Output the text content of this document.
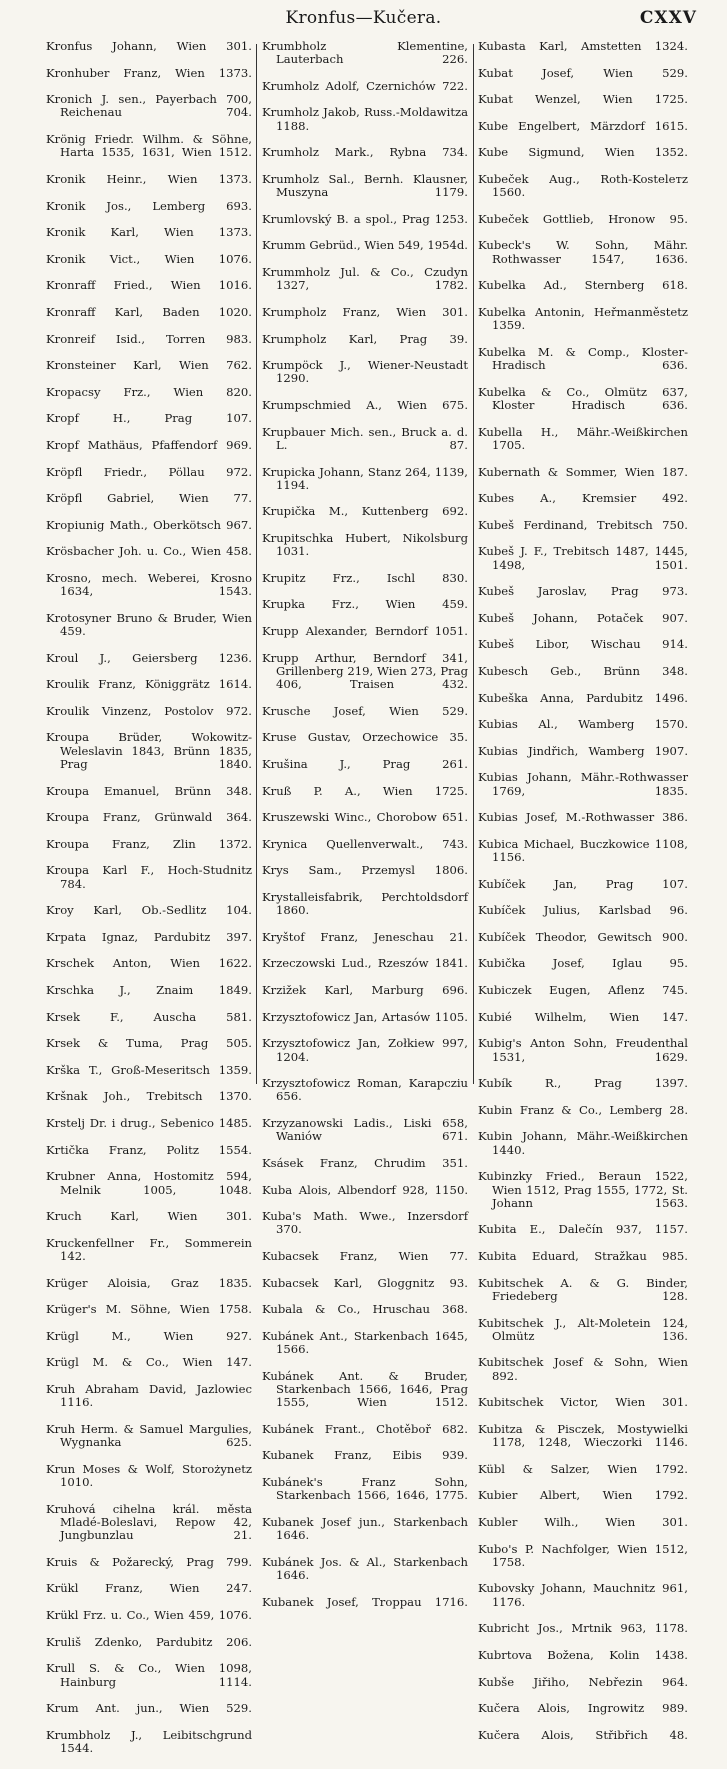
Kronfus—Kučera.	CXXV
Kronfus Johann, Wien 301.
Kronhuber Franz, Wien 1373.
Kronich J. sen., Payerbach 700, Reichenau 704.
Krönig Friedr. Wilhm. & Söhne, Harta 1535, 1631, Wien 1512.
Kronik Heinr., Wien 1373.
Kronik Jos., Lemberg 693.
Kronik Karl, Wien 1373.
Kronik Vict., Wien 1076.
Kronraff Fried., Wien 1016.
Kronraff Karl, Baden 1020.
Kronreif Isid., Torren 983.
Kronsteiner Karl, Wien 762.
Kropacsy Frz., Wien 820.
Kropf H., Prag 107.
Kropf Mathäus, Pfaffendorf 969.
Kröpfl Friedr., Pöllau 972.
Kröpfl Gabriel, Wien 77.
Kropiunig Math., Oberkötsch 967.
Krösbacher Joh. u. Co., Wien 458.
Krosno, mech. Weberei, Krosno 1634, 1543.
Krotosyner Bruno & Bruder, Wien 459.
Kroul J., Geiersberg 1236.
Kroulik Franz, Königgrätz 1614.
Kroulik Vinzenz, Postolov 972.
Kroupa Brüder, Wokowitz-Weleslavin 1843, Brünn 1835, Prag 1840.
Kroupa Emanuel, Brünn 348.
Kroupa Franz, Grünwald 364.
Kroupa Franz, Zlin 1372.
Kroupa Karl F., Hoch-Studnitz 784.
Kroy Karl, Ob.-Sedlitz 104.
Krpata Ignaz, Pardubitz 397.
Krschek Anton, Wien 1622.
Krschka J., Znaim 1849.
Krsek F., Auscha 581.
Krsek & Tuma, Prag 505.
Krška T., Groß-Meseritsch 1359.
Kršnak Joh., Trebitsch 1370.
Krstelj Dr. i drug., Sebenico 1485.
Krtička Franz, Politz 1554.
Krubner Anna, Hostomitz 594, Melnik 1005, 1048.
Kruch Karl, Wien 301.
Kruckenfellner Fr., Sommerein 142.
Krüger Aloisia, Graz 1835.
Krüger's M. Söhne, Wien 1758.
Krügl M., Wien 927.
Krügl M. & Co., Wien 147.
Kruh Abraham David, Jazlowiec 1116.
Kruh Herm. & Samuel Margulies, Wygnanka 625.
Krun Moses & Wolf, Storożynetz 1010.
Kruhová cihelna král. města Mladé-Boleslavi, Repow 42, Jungbunzlau 21.
Kruis & Požarecký, Prag 799.
Krükl Franz, Wien 247.
Krükl Frz. u. Co., Wien 459, 1076.
Kruliš Zdenko, Pardubitz 206.
Krull S. & Co., Wien 1098, Hainburg 1114.
Krum Ant. jun., Wien 529.
Krumbholz J., Leibitschgrund 1544.
Krumbholz Klementine, Lauterbach 226.
Krumholz Adolf, Czernichów 722.
Krumholz Jakob, Russ.-Moldawitza 1188.
Krumholz Mark., Rybna 734.
Krumholz Sal., Bernh. Klausner, Muszyna 1179.
Krumlovský B. a spol., Prag 1253.
Krumm Gebrüd., Wien 549, 1954d.
Krummholz Jul. & Co., Czudyn 1327, 1782.
Krumpholz Franz, Wien 301.
Krumpholz Karl, Prag 39.
Krumpöck J., Wiener-Neustadt 1290.
Krumpschmied A., Wien 675.
Krupbauer Mich. sen., Bruck a. d. L. 87.
Krupicka Johann, Stanz 264, 1139, 1194.
Krupička M., Kuttenberg 692.
Krupitschka Hubert, Nikolsburg 1031.
Krupitz Frz., Ischl 830.
Krupka Frz., Wien 459.
Krupp Alexander, Berndorf 1051.
Krupp Arthur, Berndorf 341, Grillenberg 219, Wien 273, Prag 406, Traisen 432.
Krusche Josef, Wien 529.
Kruse Gustav, Orzechowice 35.
Krušina J., Prag 261.
Kruß P. A., Wien 1725.
Kruszewski Winc., Chorobow 651.
Krynica Quellenverwalt., 743.
Krys Sam., Przemysl 1806.
Krystalleisfabrik, Perchtoldsdorf 1860.
Kryštof Franz, Jeneschau 21.
Krzeczowski Lud., Rzeszów 1841.
Krzižek Karl, Marburg 696.
Krzysztofowicz Jan, Artasów 1105.
Krzysztofowicz Jan, Zołkiew 997, 1204.
Krzysztofowicz Roman, Karapcziu 656.
Krzyzanowski Ladis., Liski 658, Waniów 671.
Ksásek Franz, Chrudim 351.
Kuba Alois, Albendorf 928, 1150.
Kuba's Math. Wwe., Inzersdorf 370.
Kubacsek Franz, Wien 77.
Kubacsek Karl, Gloggnitz 93.
Kubala & Co., Hruschau 368.
Kubánek Ant., Starkenbach 1645, 1566.
Kubánek Ant. & Bruder, Starkenbach 1566, 1646, Prag 1555, Wien 1512.
Kubánek Frant., Chotěboř 682.
Kubanek Franz, Eibis 939.
Kubánek's Franz Sohn, Starkenbach 1566, 1646, 1775.
Kubanek Josef jun., Starkenbach 1646.
Kubánek Jos. & Al., Starkenbach 1646.
Kubanek Josef, Troppau 1716.
Kubasta Karl, Amstetten 1324.
Kubat Josef, Wien 529.
Kubat Wenzel, Wien 1725.
Kube Engelbert, Märzdorf 1615.
Kube Sigmund, Wien 1352.
Kubeček Aug., Roth-Kostelетz 1560.
Kubeček Gottlieb, Hronow 95.
Kubeck's W. Sohn, Mähr. Rothwasser 1547, 1636.
Kubelka Ad., Sternberg 618.
Kubelka Antonin, Heřmanměstetz 1359.
Kubelka M. & Comp., Kloster-Hradisch 636.
Kubelka & Co., Olmütz 637, Kloster Hradisch 636.
Kubella H., Mähr.-Weißkirchen 1705.
Kubernath & Sommer, Wien 187.
Kubes A., Kremsier 492.
Kubeš Ferdinand, Trebitsch 750.
Kubeš J. F., Trebitsch 1487, 1445, 1498, 1501.
Kubeš Jaroslav, Prag 973.
Kubeš Johann, Potaček 907.
Kubeš Libor, Wischau 914.
Kubesch Geb., Brünn 348.
Kubeška Anna, Pardubitz 1496.
Kubias Al., Wamberg 1570.
Kubias Jindřich, Wamberg 1907.
Kubias Johann, Mähr.-Rothwasser 1769, 1835.
Kubias Josef, M.-Rothwasser 386.
Kubica Michael, Buczkowice 1108, 1156.
Kubíček Jan, Prag 107.
Kubíček Julius, Karlsbad 96.
Kubíček Theodor, Gewitsch 900.
Kubička Josef, Iglau 95.
Kubiczek Eugen, Aflenz 745.
Kubié Wilhelm, Wien 147.
Kubig's Anton Sohn, Freudenthal 1531, 1629.
Kubík R., Prag 1397.
Kubin Franz & Co., Lemberg 28.
Kubin Johann, Mähr.-Weißkirchen 1440.
Kubinzky Fried., Beraun 1522, Wien 1512, Prag 1555, 1772, St. Johann 1563.
Kubita E., Dalečín 937, 1157.
Kubita Eduard, Stražkau 985.
Kubitschek A. & G. Binder, Friedeberg 128.
Kubitschek J., Alt-Moletein 124, Olmütz 136.
Kubitschek Josef & Sohn, Wien 892.
Kubitschek Victor, Wien 301.
Kubitza & Pisczek, Mostywielki 1178, 1248, Wieczorki 1146.
Kübl & Salzer, Wien 1792.
Kubier Albert, Wien 1792.
Kubler Wilh., Wien 301.
Kubo's P. Nachfolger, Wien 1512, 1758.
Kubovsky Johann, Mauchnitz 961, 1176.
Kubricht Jos., Mrtnik 963, 1178.
Kubrtova Božena, Kolin 1438.
Kubše Jiřiho, Nebřezin 964.
Kučera Alois, Ingrowitz 989.
Kučera Alois, Střibřich 48.
